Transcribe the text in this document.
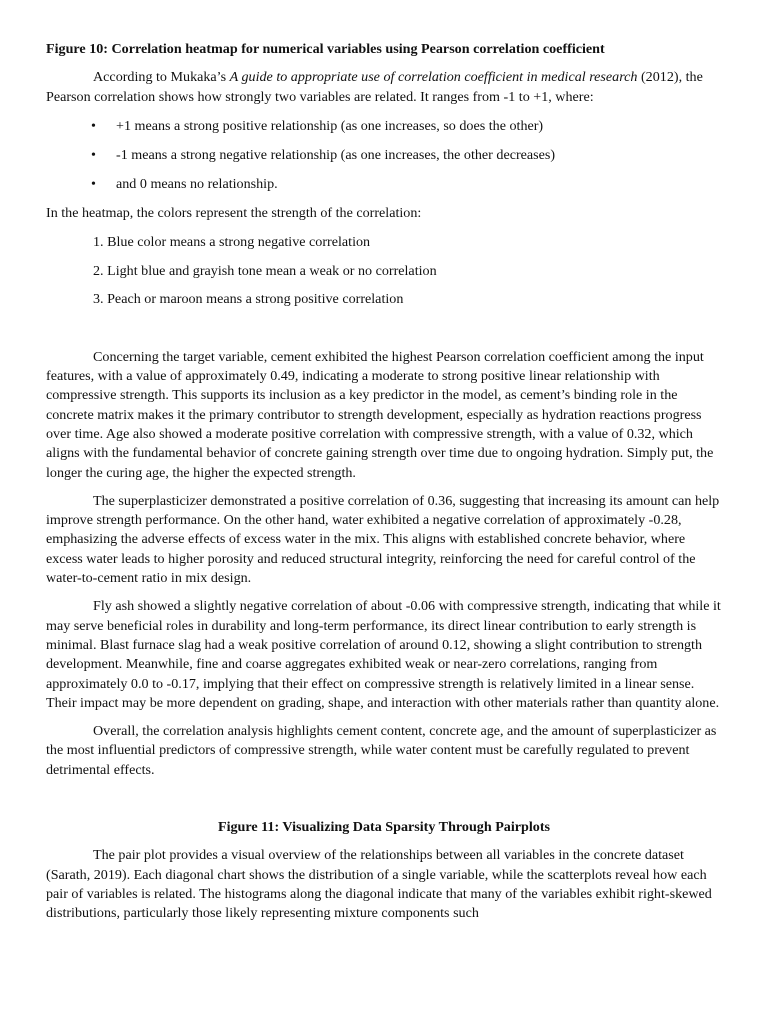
Figure 10: Correlation heatmap for numerical variables using Pearson correlation coefficient

According to Mukaka’s A guide to appropriate use of correlation coefficient in medical research (2012), the Pearson correlation shows how strongly two variables are related. It ranges from -1 to +1, where:

• +1 means a strong positive relationship (as one increases, so does the other)
• -1 means a strong negative relationship (as one increases, the other decreases)
• and 0 means no relationship.

In the heatmap, the colors represent the strength of the correlation:

1. Blue color means a strong negative correlation
2. Light blue and grayish tone mean a weak or no correlation
3. Peach or maroon means a strong positive correlation

Concerning the target variable, cement exhibited the highest Pearson correlation coefficient among the input features, with a value of approximately 0.49, indicating a moderate to strong positive linear relationship with compressive strength. This supports its inclusion as a key predictor in the model, as cement’s binding role in the concrete matrix makes it the primary contributor to strength development, especially as hydration reactions progress over time. Age also showed a moderate positive correlation with compressive strength, with a value of 0.32, which aligns with the fundamental behavior of concrete gaining strength over time due to ongoing hydration. Simply put, the longer the curing age, the higher the expected strength.

The superplasticizer demonstrated a positive correlation of 0.36, suggesting that increasing its amount can help improve strength performance. On the other hand, water exhibited a negative correlation of approximately -0.28, emphasizing the adverse effects of excess water in the mix. This aligns with established concrete behavior, where excess water leads to higher porosity and reduced structural integrity, reinforcing the need for careful control of the water-to-cement ratio in mix design.

Fly ash showed a slightly negative correlation of about -0.06 with compressive strength, indicating that while it may serve beneficial roles in durability and long-term performance, its direct linear contribution to early strength is minimal. Blast furnace slag had a weak positive correlation of around 0.12, showing a slight contribution to strength development. Meanwhile, fine and coarse aggregates exhibited weak or near-zero correlations, ranging from approximately 0.0 to -0.17, implying that their effect on compressive strength is relatively limited in a linear sense. Their impact may be more dependent on grading, shape, and interaction with other materials rather than quantity alone.

Overall, the correlation analysis highlights cement content, concrete age, and the amount of superplasticizer as the most influential predictors of compressive strength, while water content must be carefully regulated to prevent detrimental effects.

Figure 11: Visualizing Data Sparsity Through Pairplots

The pair plot provides a visual overview of the relationships between all variables in the concrete dataset (Sarath, 2019). Each diagonal chart shows the distribution of a single variable, while the scatterplots reveal how each pair of variables is related. The histograms along the diagonal indicate that many of the variables exhibit right-skewed distributions, particularly those likely representing mixture components such
